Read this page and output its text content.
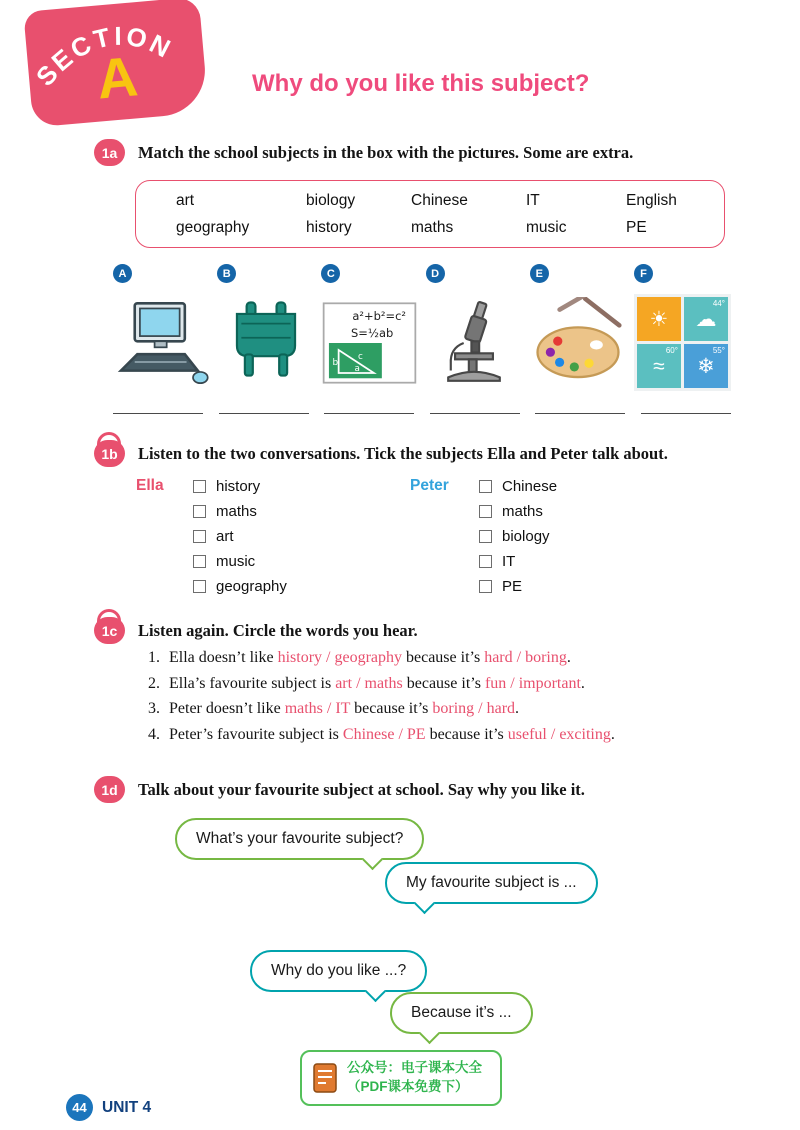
SECTION
A	Why do you like this subject?
1a Match the school subjects in the box with the pictures. Some are extra.
art	biology	Chinese	IT	English
geography	history	maths	music	PE
A	B	C
a²+b²=c²
S=½ab
b
c
a
D	E	F
☀ ☁
44°
≈
60°
❄
55°
1b Listen to the two conversations. Tick the subjects Ella and Peter talk about.
Ella	history
maths
art
music
geography
Peter	Chinese
maths
biology
IT
PE
1c Listen again. Circle the words you hear.
1. Ella doesn’t like history / geography because it’s hard / boring.
2. Ella’s favourite subject is art / maths because it’s fun / important.
3. Peter doesn’t like maths / IT because it’s boring / hard.
4. Peter’s favourite subject is Chinese / PE because it’s useful / exciting.
1d Talk about your favourite subject at school. Say why you like it.
What’s your favourite subject?
My favourite subject is ...
Why do you like ...?
Because it’s ...
公众号：电子课本大全
（PDF课本免费下）
44 UNIT 4
